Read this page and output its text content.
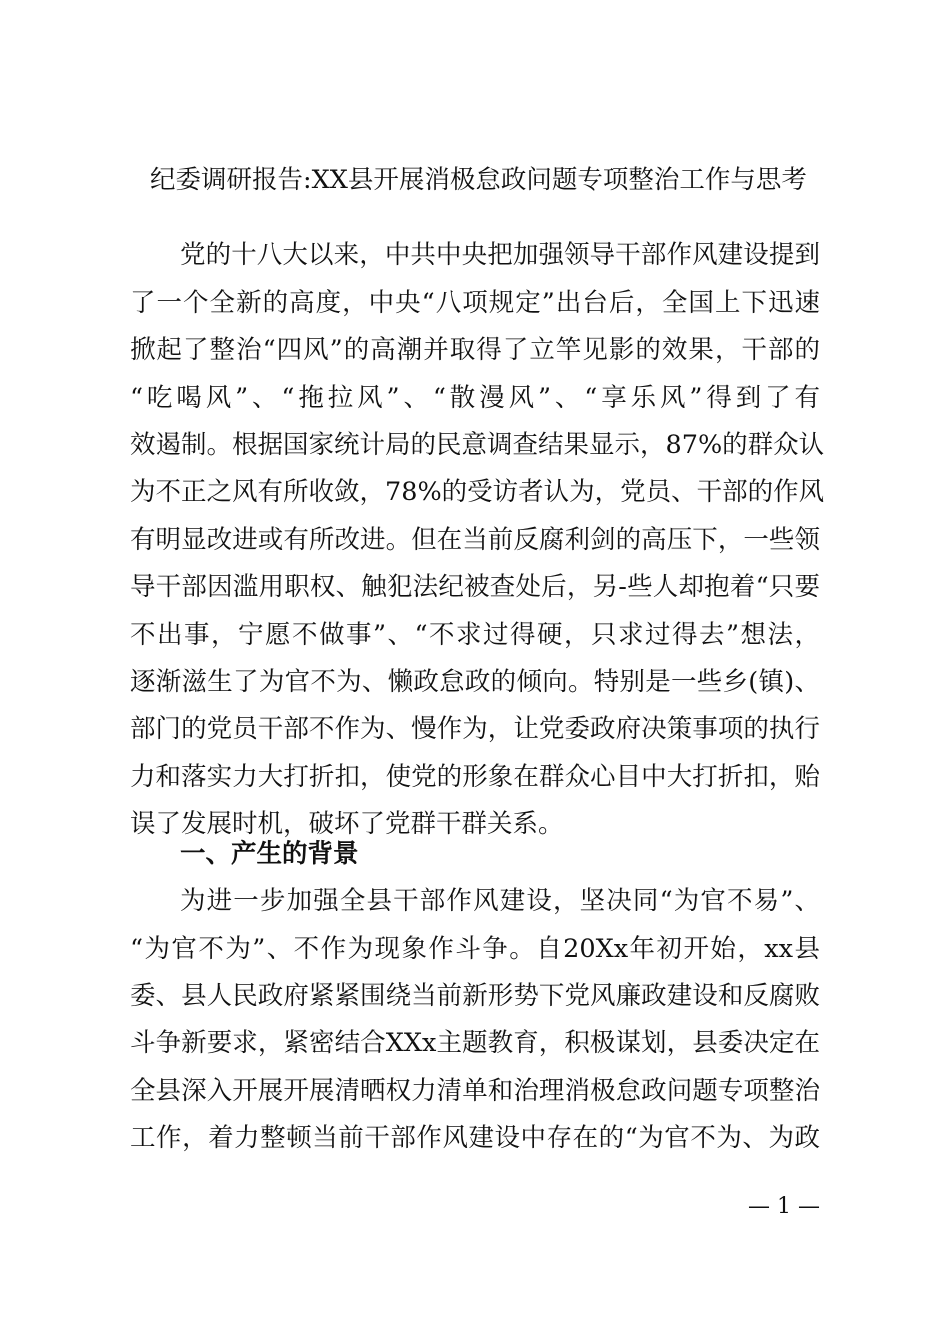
纪委调研报告:XX县开展消极怠政问题专项整治工作与思考
党的十八大以来，中共中央把加强领导干部作风建设提到
了一个全新的高度，中央“八项规定”出台后，全国上下迅速
掀起了整治“四风”的高潮并取得了立竿见影的效果，干部的
“吃喝风”、“拖拉风”、“散漫风”、“享乐风”得到了有
效遏制。根据国家统计局的民意调查结果显示，87%的群众认
为不正之风有所收敛，78%的受访者认为，党员、干部的作风
有明显改进或有所改进。但在当前反腐利剑的高压下，一些领
导干部因滥用职权、触犯法纪被查处后，另-些人却抱着“只要
不出事，宁愿不做事”、“不求过得硬，只求过得去”想法，
逐渐滋生了为官不为、懒政怠政的倾向。特别是一些乡(镇)、
部门的党员干部不作为、慢作为，让党委政府决策事项的执行
力和落实力大打折扣，使党的形象在群众心目中大打折扣，贻
误了发展时机，破坏了党群干群关系。
一、产生的背景
为进一步加强全县干部作风建设，坚决同“为官不易”、
“为官不为”、不作为现象作斗争。自20Xx年初开始，xx县
委、县人民政府紧紧围绕当前新形势下党风廉政建设和反腐败
斗争新要求，紧密结合XXx主题教育，积极谋划，县委决定在
全县深入开展开展清晒权力清单和治理消极怠政问题专项整治
工作，着力整顿当前干部作风建设中存在的“为官不为、为政
— 1 —
